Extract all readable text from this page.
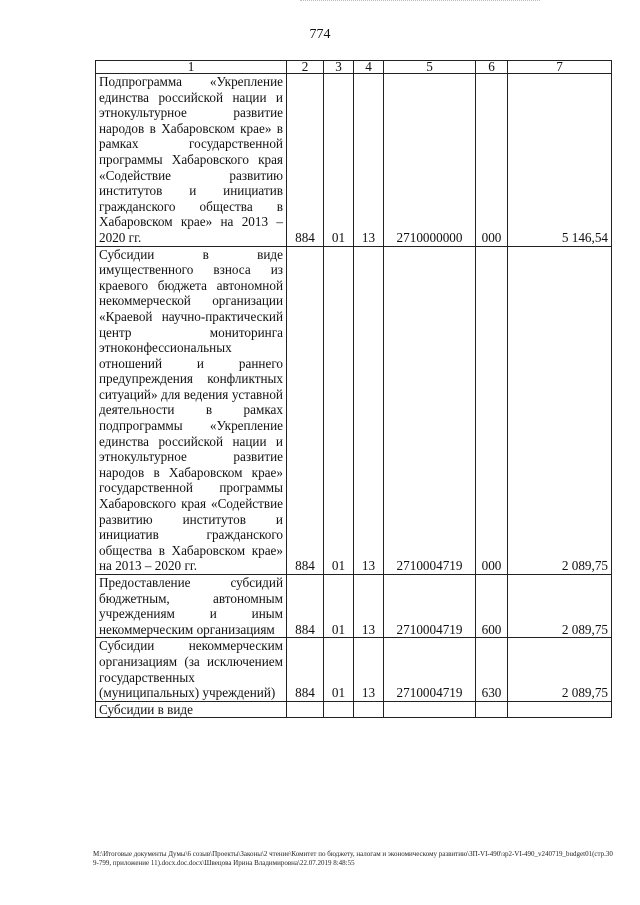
774
1	2	3	4	5	6	7
Подпрограмма «Укрепление единства российской нации и этнокультурное развитие народов в Хабаровском крае» в рамках государственной программы Хабаровского края «Содействие развитию институтов и инициатив гражданского общества в Хабаровском крае» на 2013 – 2020 гг.	884	01	13	2710000000	000	5 146,54
Субсидии в виде имущественного взноса из краевого бюджета автономной некоммерческой организации «Краевой научно-практический центр мониторинга этноконфессиональных отношений и раннего предупреждения конфликтных ситуаций» для ведения уставной деятельности в рамках подпрограммы «Укрепление единства российской нации и этнокультурное развитие народов в Хабаровском крае» государственной программы Хабаровского края «Содействие развитию институтов и инициатив гражданского общества в Хабаровском крае» на 2013 – 2020 гг.	884	01	13	2710004719	000	2 089,75
Предоставление субсидий бюджетным, автономным учреждениям и иным некоммерческим организациям	884	01	13	2710004719	600	2 089,75
Субсидии некоммерческим организациям (за исключением государственных (муниципальных) учреждений)	884	01	13	2710004719	630	2 089,75
Субсидии в виде						
М:\Итоговые документы Думы\6 созыв\Проекты\Законы\2 чтение\Комитет по бюджету, налогам и экономическому развитию\ЗП-VI-490\зр2-VI-490_v240719_budget01(стр.309-799, приложение 11).docx.doc.docx\Швецова Ирина Владимировна\22.07.2019 8:48:55
